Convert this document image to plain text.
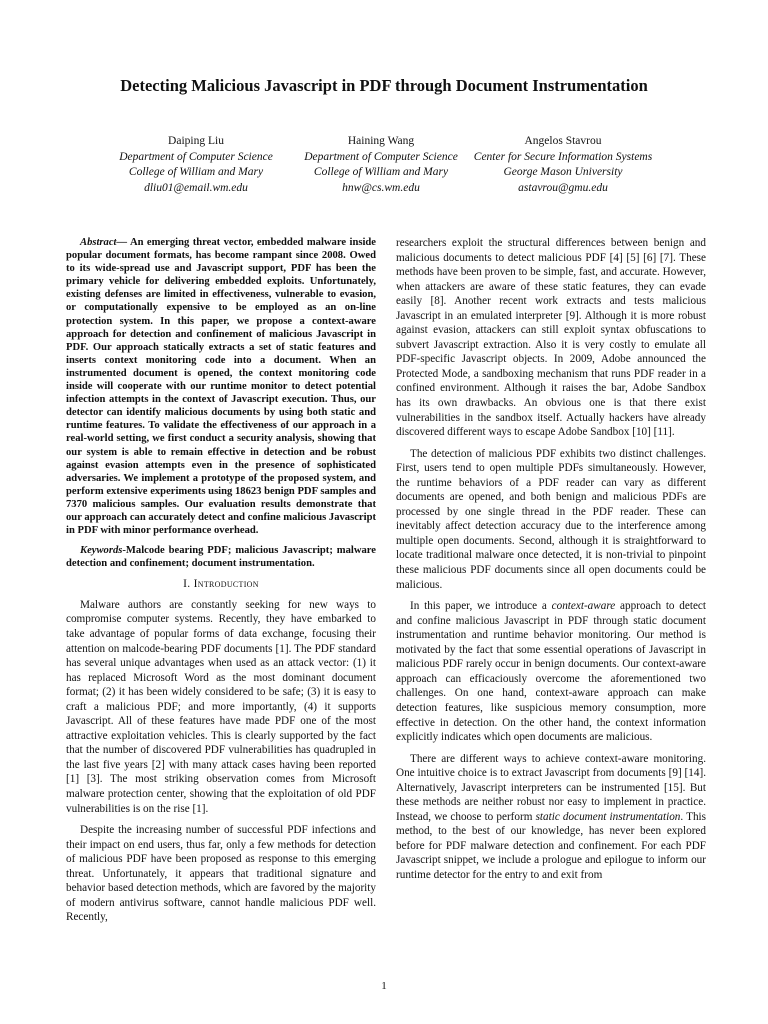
Detecting Malicious Javascript in PDF through Document Instrumentation
Daiping Liu
Department of Computer Science
College of William and Mary
dliu01@email.wm.edu
Haining Wang
Department of Computer Science
College of William and Mary
hnw@cs.wm.edu
Angelos Stavrou
Center for Secure Information Systems
George Mason University
astavrou@gmu.edu

Abstract— An emerging threat vector, embedded malware inside popular document formats, has become rampant since 2008. Owed to its wide-spread use and Javascript support, PDF has been the primary vehicle for delivering embedded exploits. Unfortunately, existing defenses are limited in effectiveness, vulnerable to evasion, or computationally expensive to be employed as an on-line protection system. In this paper, we propose a context-aware approach for detection and confinement of malicious Javascript in PDF. Our approach statically extracts a set of static features and inserts context monitoring code into a document. When an instrumented document is opened, the context monitoring code inside will cooperate with our runtime monitor to detect potential infection attempts in the context of Javascript execution. Thus, our detector can identify malicious documents by using both static and runtime features. To validate the effectiveness of our approach in a real-world setting, we first conduct a security analysis, showing that our system is able to remain effective in detection and be robust against evasion attempts even in the presence of sophisticated adversaries. We implement a prototype of the proposed system, and perform extensive experiments using 18623 benign PDF samples and 7370 malicious samples. Our evaluation results demonstrate that our approach can accurately detect and confine malicious Javascript in PDF with minor performance overhead.

Keywords-Malcode bearing PDF; malicious Javascript; malware detection and confinement; document instrumentation.

I. Introduction

Malware authors are constantly seeking for new ways to compromise computer systems. Recently, they have embarked to take advantage of popular forms of data exchange, focusing their attention on malcode-bearing PDF documents [1]. The PDF standard has several unique advantages when used as an attack vector: (1) it has replaced Microsoft Word as the most dominant document format; (2) it has been widely considered to be safe; (3) it is easy to craft a malicious PDF; and more importantly, (4) it supports Javascript. All of these features have made PDF one of the most attractive exploitation vehicles. This is clearly supported by the fact that the number of discovered PDF vulnerabilities has quadrupled in the last five years [2] with many attack cases having been reported [1] [3]. The most striking observation comes from Microsoft malware protection center, showing that the exploitation of old PDF vulnerabilities is on the rise [1].

Despite the increasing number of successful PDF infections and their impact on end users, thus far, only a few methods for detection of malicious PDF have been proposed as response to this emerging threat. Unfortunately, it appears that traditional signature and behavior based detection methods, which are favored by the majority of modern antivirus software, cannot handle malicious PDF well. Recently,

researchers exploit the structural differences between benign and malicious documents to detect malicious PDF [4] [5] [6] [7]. These methods have been proven to be simple, fast, and accurate. However, when attackers are aware of these static features, they can evade easily [8]. Another recent work extracts and tests malicious Javascript in an emulated interpreter [9]. Although it is more robust against evasion, attackers can still exploit syntax obfuscations to subvert Javascript extraction. Also it is very costly to emulate all PDF-specific Javascript objects. In 2009, Adobe announced the Protected Mode, a sandboxing mechanism that runs PDF reader in a confined environment. Although it raises the bar, Adobe Sandbox has its own drawbacks. An obvious one is that there exist vulnerabilities in the sandbox itself. Actually hackers have already discovered different ways to escape Adobe Sandbox [10] [11].

The detection of malicious PDF exhibits two distinct challenges. First, users tend to open multiple PDFs simultaneously. However, the runtime behaviors of a PDF reader can vary as different documents are opened, and both benign and malicious PDFs are processed by one single thread in the PDF reader. These can inevitably affect detection accuracy due to the interference among multiple open documents. Second, although it is straightforward to locate traditional malware once detected, it is non-trivial to pinpoint these malicious PDF documents since all open documents could be malicious.

In this paper, we introduce a context-aware approach to detect and confine malicious Javascript in PDF through static document instrumentation and runtime behavior monitoring. Our method is motivated by the fact that some essential operations of Javascript in malicious PDF rarely occur in benign documents. Our context-aware approach can efficaciously overcome the aforementioned two challenges. On one hand, context-aware approach can make detection features, like suspicious memory consumption, more effective in detection. On the other hand, the context information explicitly indicates which open documents are malicious.

There are different ways to achieve context-aware monitoring. One intuitive choice is to extract Javascript from documents [9] [14]. Alternatively, Javascript interpreters can be instrumented [15]. But these methods are neither robust nor easy to implement in practice. Instead, we choose to perform static document instrumentation. This method, to the best of our knowledge, has never been explored before for PDF malware detection and confinement. For each PDF Javascript snippet, we include a prologue and epilogue to inform our runtime detector for the entry to and exit from

1
